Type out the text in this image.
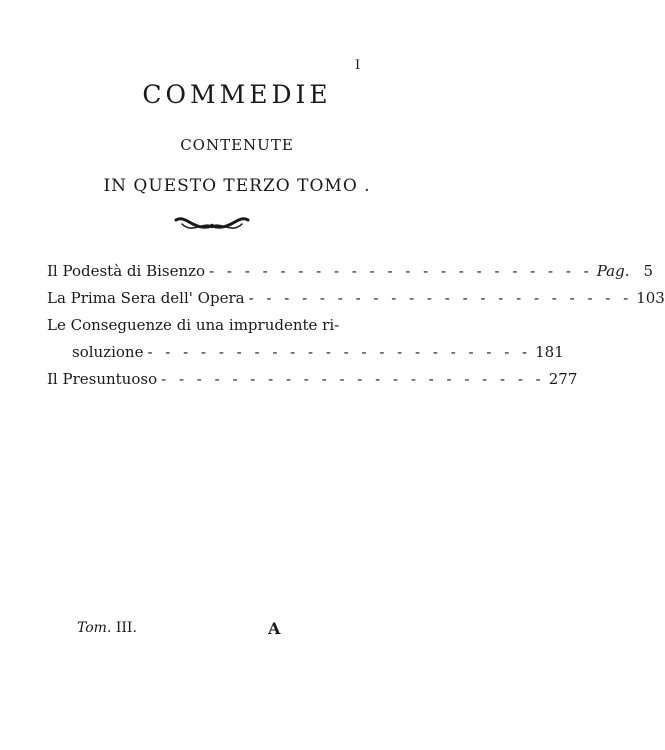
I
COMMEDIE
CONTENUTE
IN QUESTO TERZO TOMO .
Il Podestà di Bisenzo - - - - - - - - - - - - - - - - - - - - - - Pag. 5
La Prima Sera dell' Opera - - - - - - - - - - - - - - - - - - - - - - 103
Le Conseguenze di una imprudente ri-
soluzione - - - - - - - - - - - - - - - - - - - - - - 181
Il Presuntuoso - - - - - - - - - - - - - - - - - - - - - - 277
Tom. III.	A
